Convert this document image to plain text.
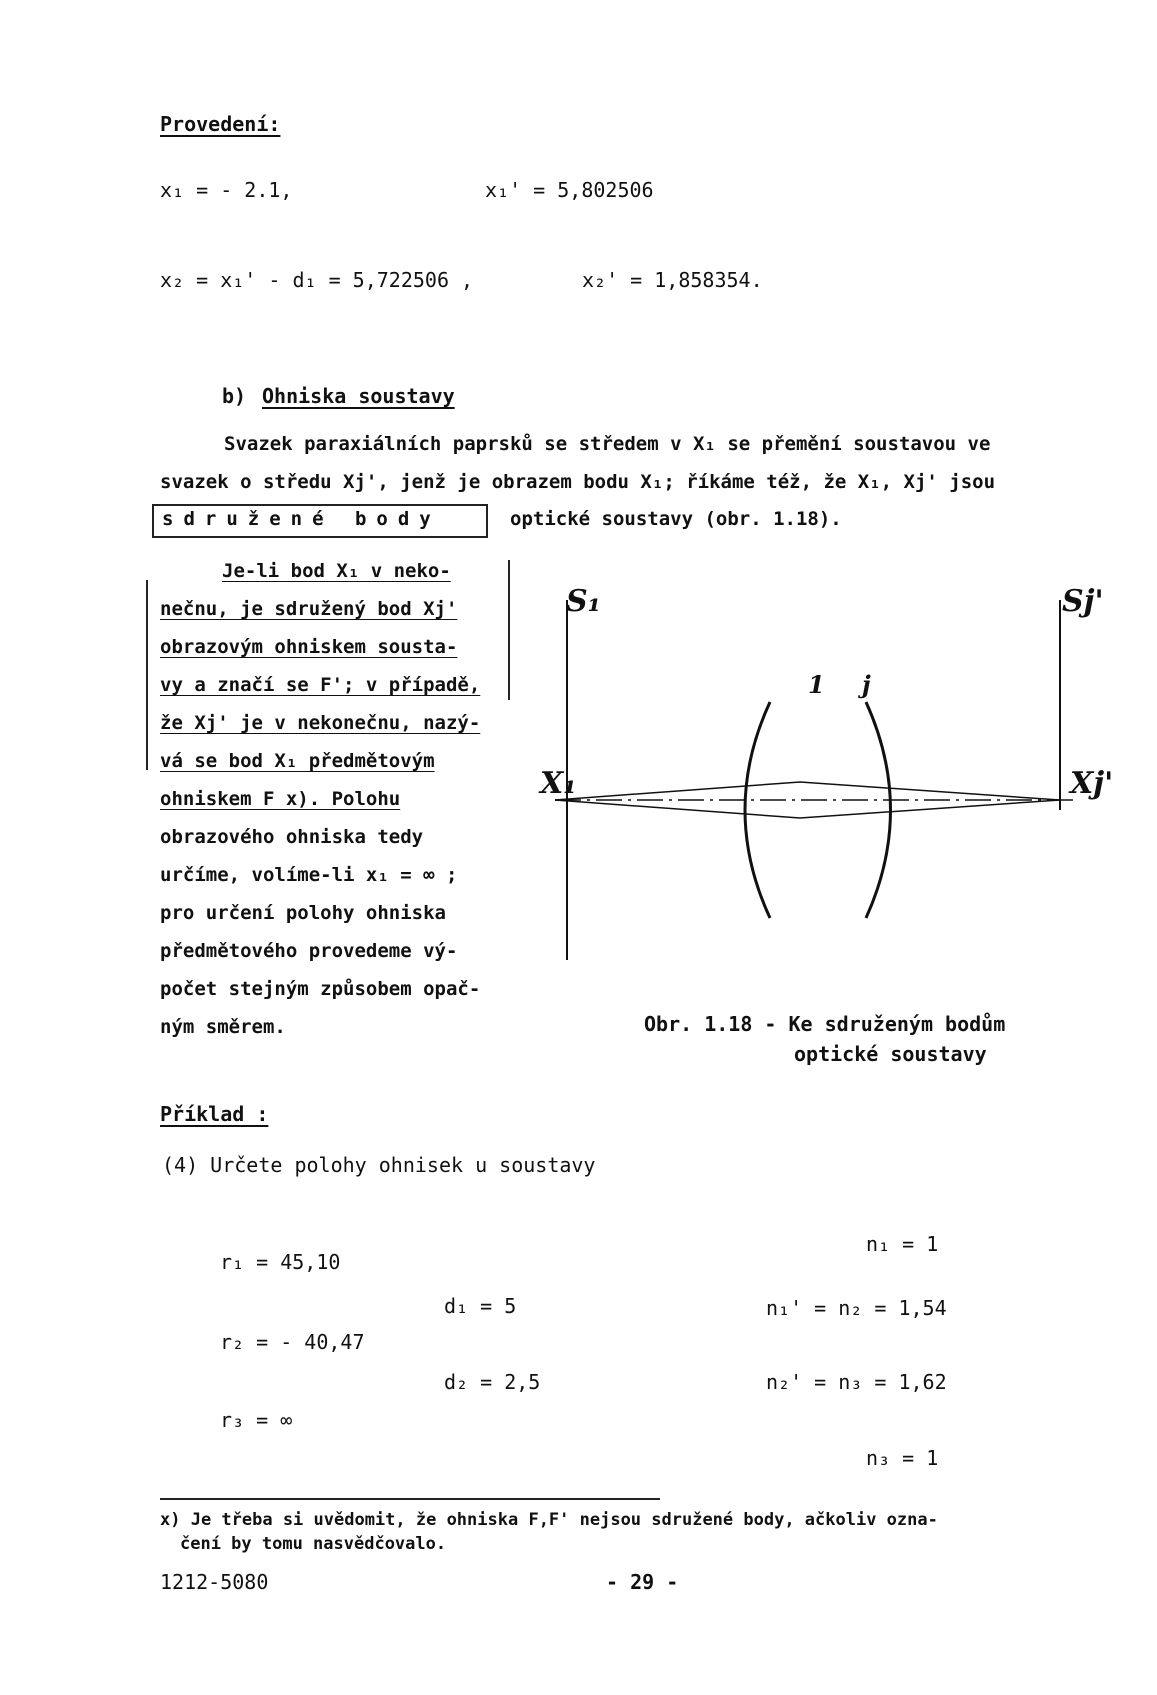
Provedení:
x₁ = - 2.1,	x₁' = 5,802506
x₂ = x₁' - d₁ = 5,722506 ,	x₂' = 1,858354.
b) Ohniska soustavy
Svazek paraxiálních paprsků se středem v X₁ se přemění soustavou ve
svazek o středu Xj', jenž je obrazem bodu X₁; říkáme též, že X₁, Xj' jsou
sdružené body	optické soustavy (obr. 1.18).
Je-li bod X₁ v neko-
nečnu, je sdružený bod Xj'
obrazovým ohniskem sousta-
vy a značí se F'; v případě,
že Xj' je v nekonečnu, nazý-
vá se bod X₁ předmětovým
ohniskem F x). Polohu
obrazového ohniska tedy
určíme, volíme-li x₁ = ∞ ;
pro určení polohy ohniska
předmětového provedeme vý-
počet stejným způsobem opač-
ným směrem.
S₁	Sj'
X₁	Xj'
1 j
Obr. 1.18 - Ke sdruženým bodům
optické soustavy
Příklad :
(4) Určete polohy ohnisek u soustavy
r₁ = 45,10
r₂ = - 40,47
r₃ = ∞
d₁ = 5
d₂ = 2,5
n₁ = 1
n₁' = n₂ = 1,54
n₂' = n₃ = 1,62
n₃ = 1
x) Je třeba si uvědomit, že ohniska F,F' nejsou sdružené body, ačkoliv ozna-
čení by tomu nasvědčovalo.
1212-5080	- 29 -
